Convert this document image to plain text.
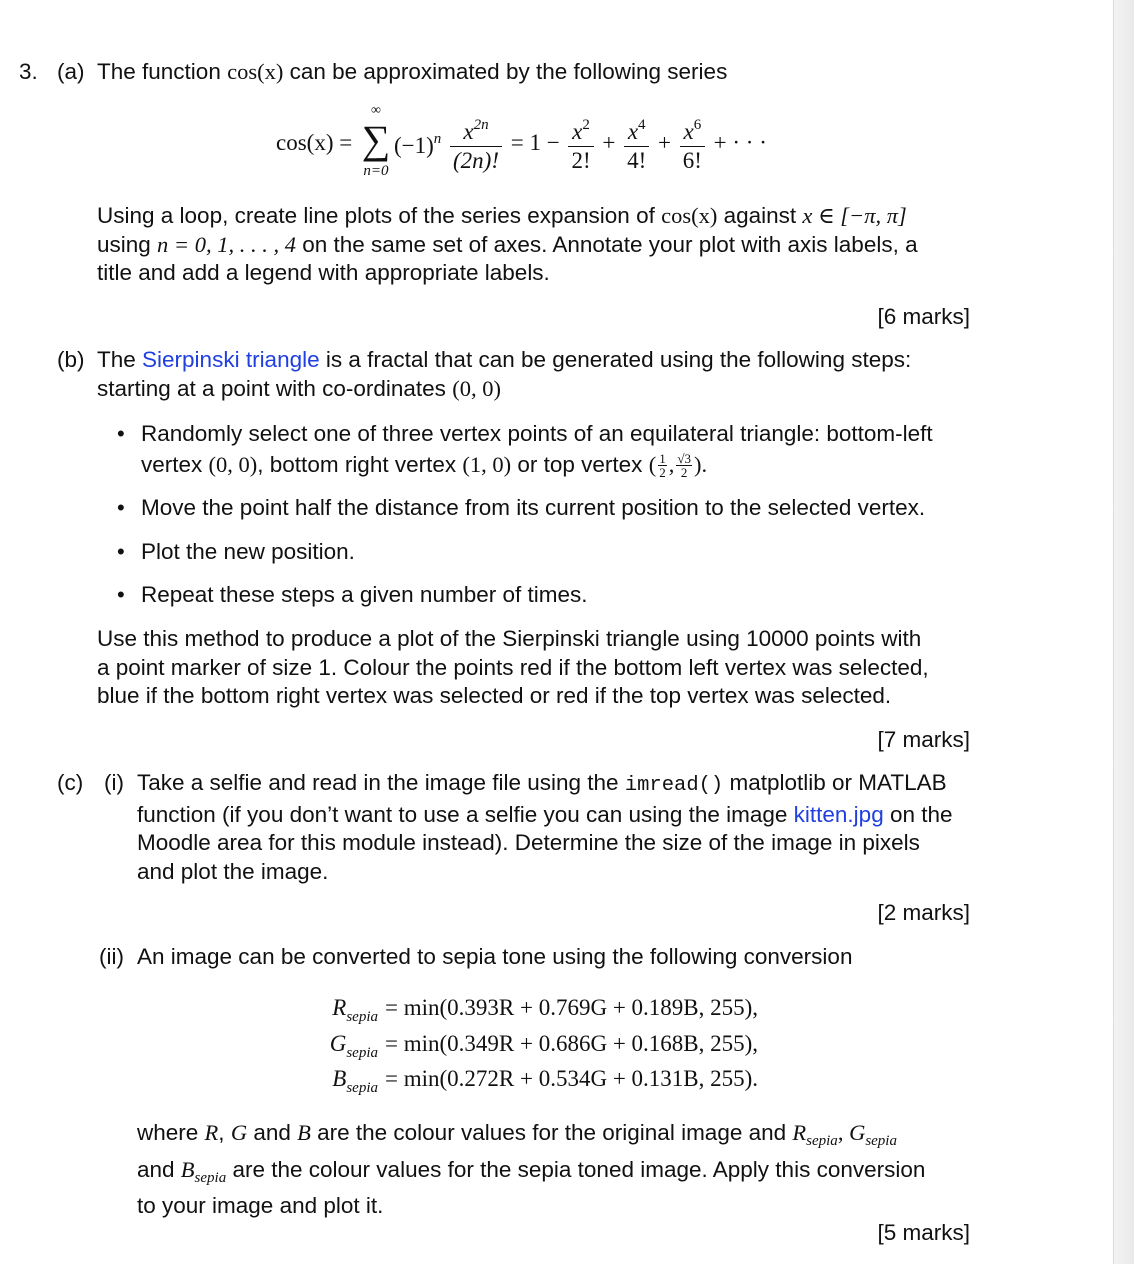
3. (a) The function cos(x) can be approximated by the following series
cos(x) =
∞
∑
n=0
$(-1)^n \frac{x^{2n}}{(2n)!} = 1 - \frac{x^2}{2!} + \frac{x^4}{4!} + \frac{x^6}{6!}$ + · · ·
Using a loop, create line plots of the series expansion of cos(x) against x ∈ [−π, π]
using n = 0, 1, . . . , 4 on the same set of axes. Annotate your plot with axis labels, a
title and add a legend with appropriate labels.
[6 marks]
(b) The Sierpinski triangle is a fractal that can be generated using the following steps:
starting at a point with co-ordinates (0, 0)
• Randomly select one of three vertex points of an equilateral triangle: bottom-left
vertex (0, 0), bottom right vertex (1, 0) or top vertex ( $\frac{1}{2}$ , $\frac{√3}{2}$ ).
• Move the point half the distance from its current position to the selected vertex.
• Plot the new position.
• Repeat these steps a given number of times.
Use this method to produce a plot of the Sierpinski triangle using 10000 points with
a point marker of size 1. Colour the points red if the bottom left vertex was selected,
blue if the bottom right vertex was selected or red if the top vertex was selected.
[7 marks]
(c) (i) Take a selfie and read in the image file using the imread() matplotlib or MATLAB
function (if you don’t want to use a selfie you can using the image kitten.jpg on the
Moodle area for this module instead). Determine the size of the image in pixels
and plot the image.
[2 marks]
(ii) An image can be converted to sepia tone using the following conversion
$R_{sepia} = \min(0.393R + 0.769G + 0.189B$, 255),
$G_{sepia} = \min(0.349R + 0.686G + 0.168B$, 255),
$B_{sepia} = \min(0.272R + 0.534G + 0.131B$, 255).
where R, G and B are the colour values for the original image and $R_{sepia}$, $G_{sepia}$
and $B_{sepia}$ are the colour values for the sepia toned image. Apply this conversion
to your image and plot it.
[5 marks]
